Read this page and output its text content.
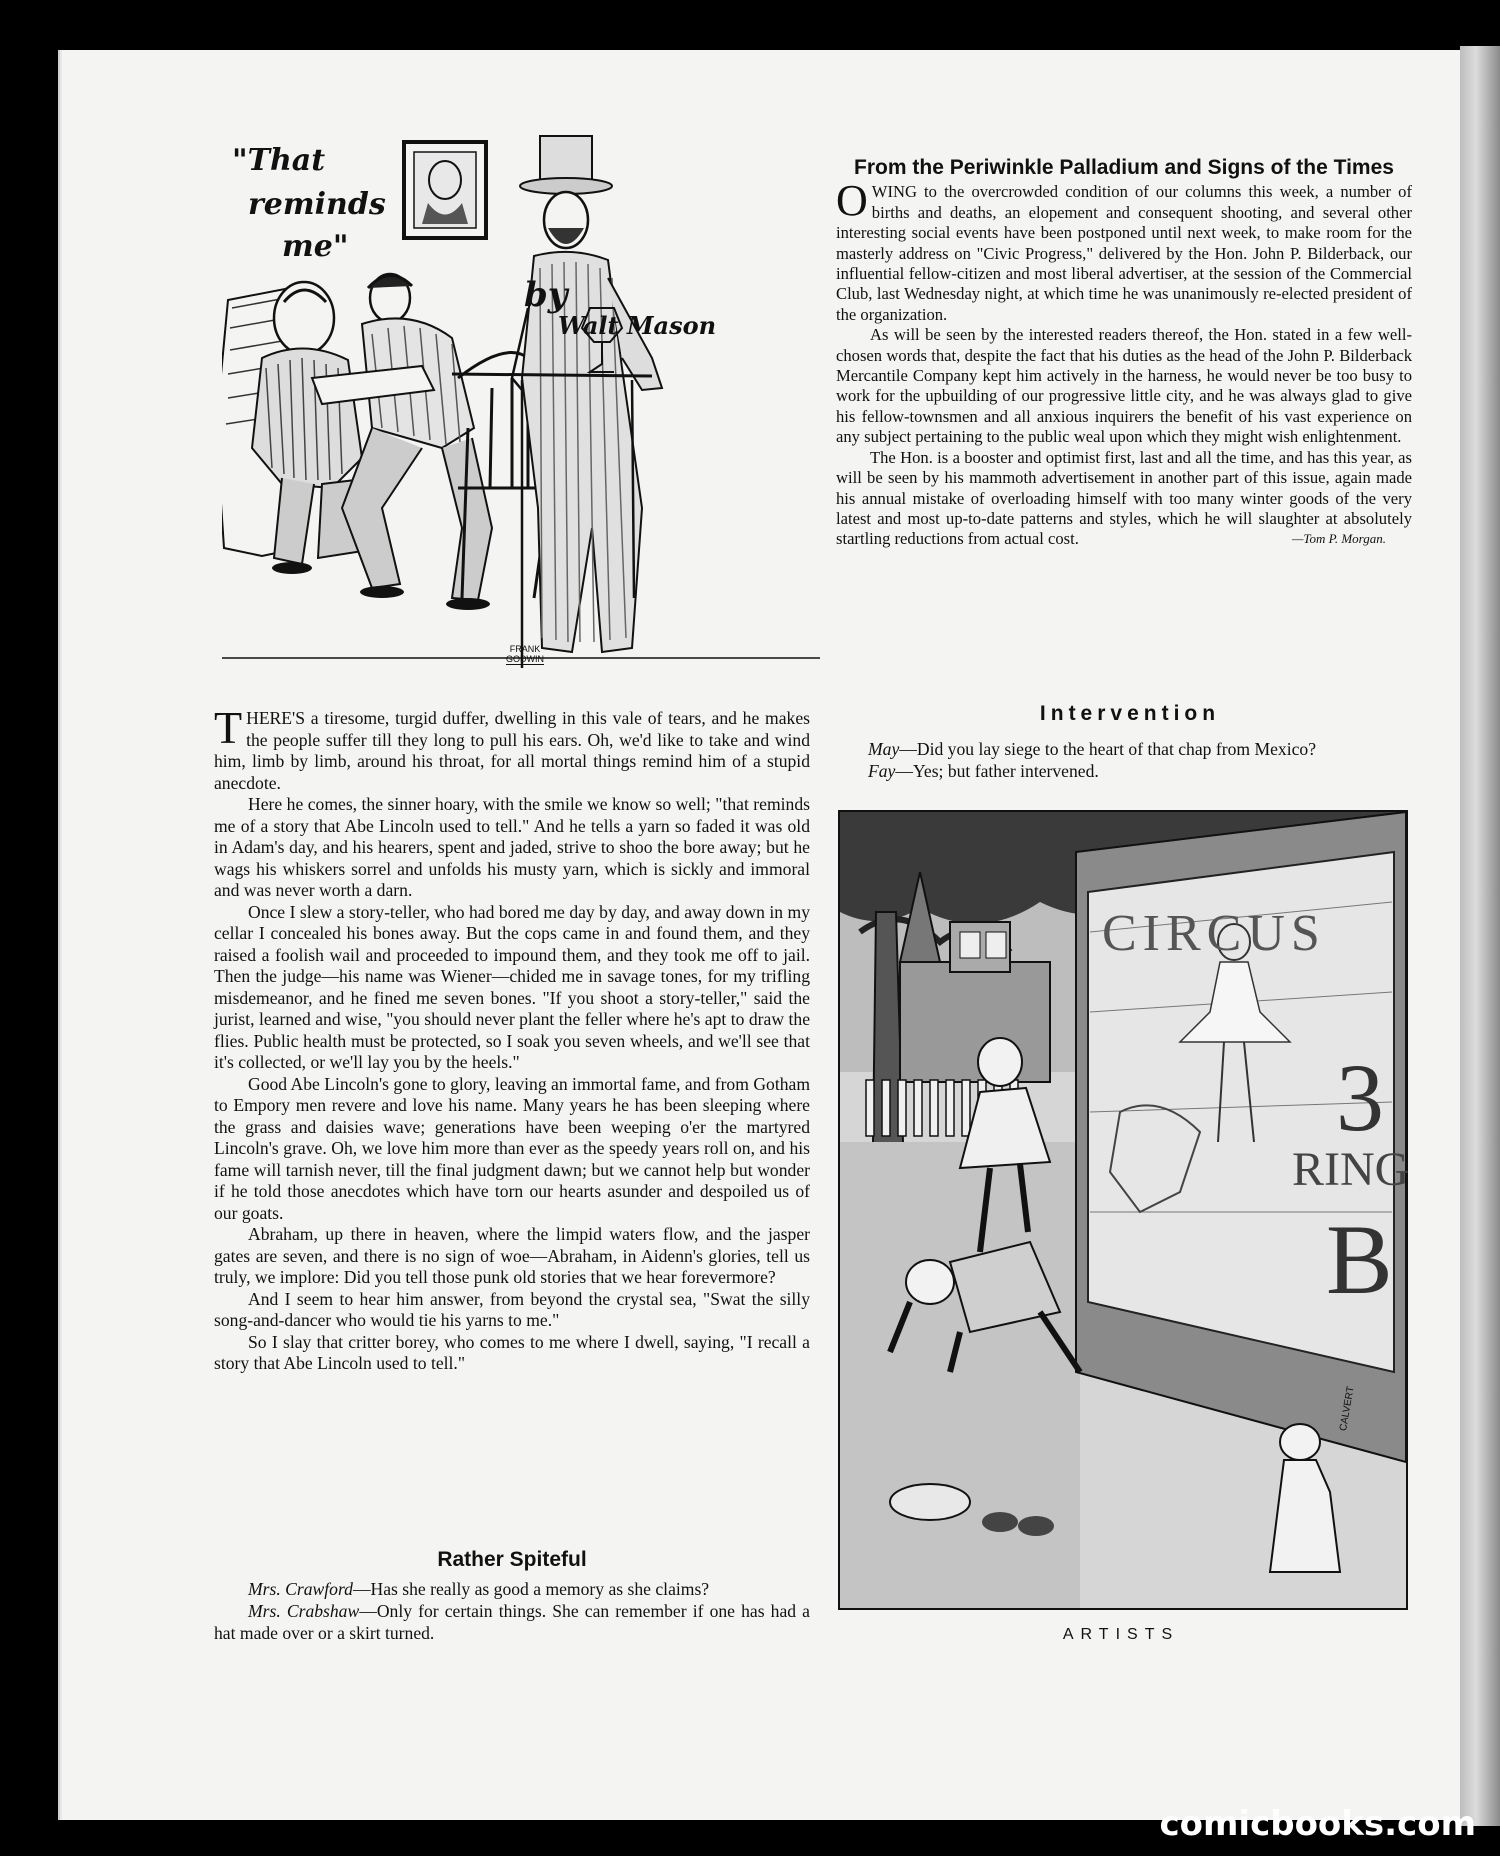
"That
reminds
me"
by
Walt Mason
FRANK
GODWIN

THERE'S a tiresome, turgid duffer, dwelling in this vale of tears, and he makes the people suffer till they long to pull his ears. Oh, we'd like to take and wind him, limb by limb, around his throat, for all mortal things remind him of a stupid anecdote.

Here he comes, the sinner hoary, with the smile we know so well; "that reminds me of a story that Abe Lincoln used to tell." And he tells a yarn so faded it was old in Adam's day, and his hearers, spent and jaded, strive to shoo the bore away; but he wags his whiskers sorrel and unfolds his musty yarn, which is sickly and immoral and was never worth a darn.

Once I slew a story-teller, who had bored me day by day, and away down in my cellar I concealed his bones away. But the cops came in and found them, and they raised a foolish wail and proceeded to impound them, and they took me off to jail. Then the judge—his name was Wiener—chided me in savage tones, for my trifling misdemeanor, and he fined me seven bones. "If you shoot a story-teller," said the jurist, learned and wise, "you should never plant the feller where he's apt to draw the flies. Public health must be protected, so I soak you seven wheels, and we'll see that it's collected, or we'll lay you by the heels."

Good Abe Lincoln's gone to glory, leaving an immortal fame, and from Gotham to Empory men revere and love his name. Many years he has been sleeping where the grass and daisies wave; generations have been weeping o'er the martyred Lincoln's grave. Oh, we love him more than ever as the speedy years roll on, and his fame will tarnish never, till the final judgment dawn; but we cannot help but wonder if he told those anecdotes which have torn our hearts asunder and despoiled us of our goats.

Abraham, up there in heaven, where the limpid waters flow, and the jasper gates are seven, and there is no sign of woe—Abraham, in Aidenn's glories, tell us truly, we implore: Did you tell those punk old stories that we hear forevermore?

And I seem to hear him answer, from beyond the crystal sea, "Swat the silly song-and-dancer who would tie his yarns to me."

So I slay that critter borey, who comes to me where I dwell, saying, "I recall a story that Abe Lincoln used to tell."

Rather Spiteful

Mrs. Crawford—Has she really as good a memory as she claims?

Mrs. Crabshaw—Only for certain things. She can remember if one has had a hat made over or a skirt turned.

From the Periwinkle Palladium and Signs of the Times

OWING to the overcrowded condition of our columns this week, a number of births and deaths, an elopement and consequent shooting, and several other interesting social events have been postponed until next week, to make room for the masterly address on "Civic Progress," delivered by the Hon. John P. Bilderback, our influential fellow-citizen and most liberal advertiser, at the session of the Commercial Club, last Wednesday night, at which time he was unanimously re-elected president of the organization.

As will be seen by the interested readers thereof, the Hon. stated in a few well-chosen words that, despite the fact that his duties as the head of the John P. Bilderback Mercantile Company kept him actively in the harness, he would never be too busy to work for the upbuilding of our progressive little city, and he was always glad to give his fellow-townsmen and all anxious inquirers the benefit of his vast experience on any subject pertaining to the public weal upon which they might wish enlightenment.

The Hon. is a booster and optimist first, last and all the time, and has this year, as will be seen by his mammoth advertisement in another part of this issue, again made his annual mistake of overloading himself with too many winter goods of the very latest and most up-to-date patterns and styles, which he will slaughter at absolutely startling reductions from actual cost.	—Tom P. Morgan.

Intervention

May—Did you lay siege to the heart of that chap from Mexico?

Fay—Yes; but father intervened.

CIRCUS
3
RING
B
CALVERT
ARTISTS
comicbooks.com
